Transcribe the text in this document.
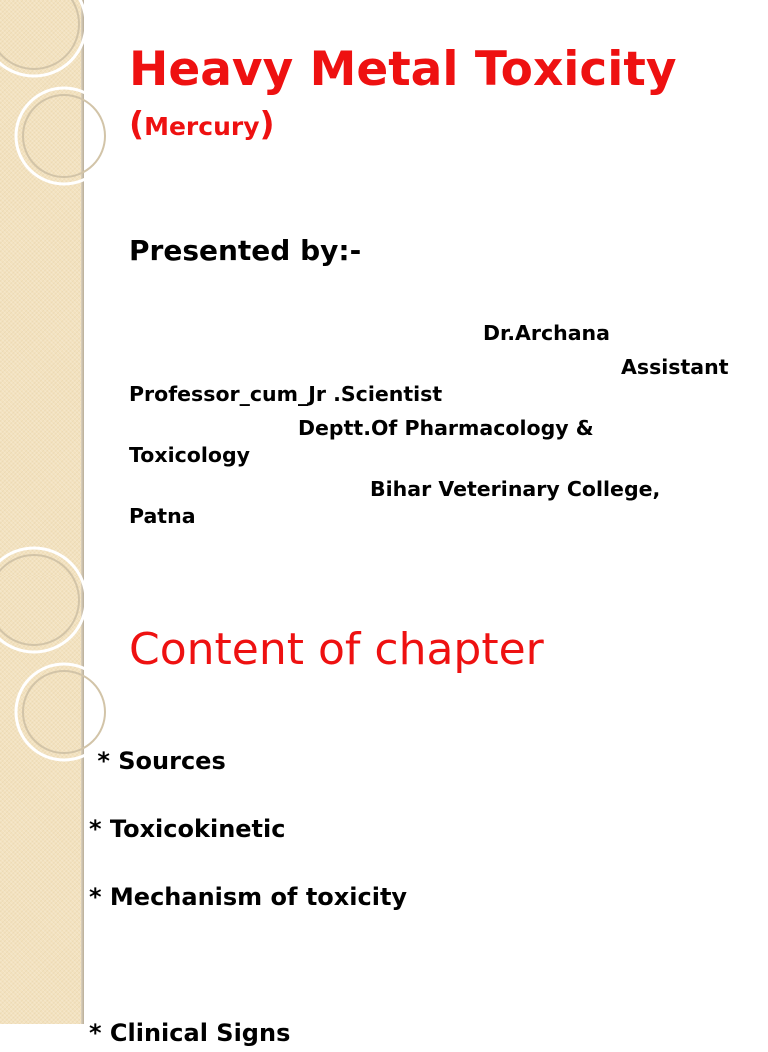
Heavy Metal Toxicity
(Mercury)
Presented by:-

Dr.Archana

Assistant
Professor_cum_Jr .Scientist

Deptt.Of Pharmacology &
Toxicology

Bihar Veterinary College,
Patna

Content of chapter
* Sources
* Toxicokinetic
* Mechanism of toxicity
* Clinical Signs
